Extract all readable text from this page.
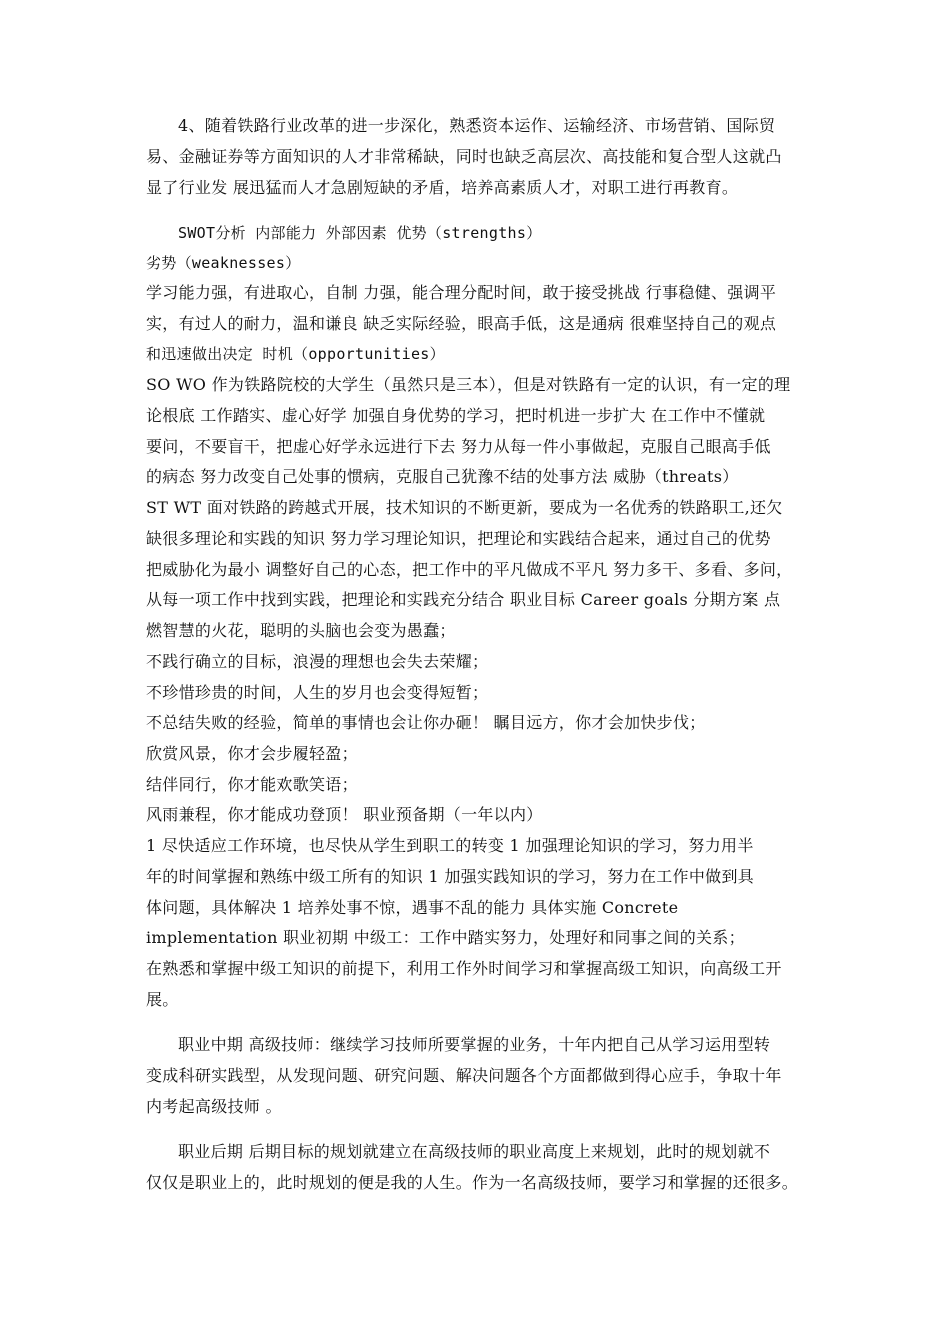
4、随着铁路行业改革的进一步深化，熟悉资本运作、运输经济、市场营销、国际贸
易、金融证券等方面知识的人才非常稀缺，同时也缺乏高层次、高技能和复合型人这就凸
显了行业发 展迅猛而人才急剧短缺的矛盾，培养高素质人才，对职工进行再教育。
SWOT分析 内部能力 外部因素 优势（strengths）
劣势（weaknesses）
学习能力强，有进取心，自制 力强，能合理分配时间，敢于接受挑战 行事稳健、强调平
实，有过人的耐力，温和谦良 缺乏实际经验，眼高手低，这是通病 很难坚持自己的观点
和迅速做出决定 时机（opportunities）
SO WO 作为铁路院校的大学生（虽然只是三本），但是对铁路有一定的认识，有一定的理
论根底 工作踏实、虚心好学 加强自身优势的学习，把时机进一步扩大 在工作中不懂就
要问，不要盲干，把虚心好学永远进行下去 努力从每一件小事做起，克服自己眼高手低
的病态 努力改变自己处事的惯病，克服自己犹豫不结的处事方法 威胁（threats）
ST WT 面对铁路的跨越式开展，技术知识的不断更新，要成为一名优秀的铁路职工,还欠
缺很多理论和实践的知识 努力学习理论知识，把理论和实践结合起来，通过自己的优势
把威胁化为最小 调整好自己的心态，把工作中的平凡做成不平凡 努力多干、多看、多问，
从每一项工作中找到实践，把理论和实践充分结合 职业目标 Career goals 分期方案 点
燃智慧的火花，聪明的头脑也会变为愚蠢；
不践行确立的目标，浪漫的理想也会失去荣耀；
不珍惜珍贵的时间，人生的岁月也会变得短暂；
不总结失败的经验，简单的事情也会让你办砸！ 瞩目远方，你才会加快步伐；
欣赏风景，你才会步履轻盈；
结伴同行，你才能欢歌笑语；
风雨兼程，你才能成功登顶！ 职业预备期（一年以内）
1 尽快适应工作环境，也尽快从学生到职工的转变 1 加强理论知识的学习，努力用半
年的时间掌握和熟练中级工所有的知识 1 加强实践知识的学习，努力在工作中做到具
体问题，具体解决 1 培养处事不惊，遇事不乱的能力 具体实施 Concrete
implementation 职业初期 中级工：工作中踏实努力，处理好和同事之间的关系；
在熟悉和掌握中级工知识的前提下，利用工作外时间学习和掌握高级工知识，向高级工开
展。
职业中期 高级技师：继续学习技师所要掌握的业务，十年内把自己从学习运用型转
变成科研实践型，从发现问题、研究问题、解决问题各个方面都做到得心应手，争取十年
内考起高级技师 。
职业后期 后期目标的规划就建立在高级技师的职业高度上来规划，此时的规划就不
仅仅是职业上的，此时规划的便是我的人生。作为一名高级技师，要学习和掌握的还很多。
